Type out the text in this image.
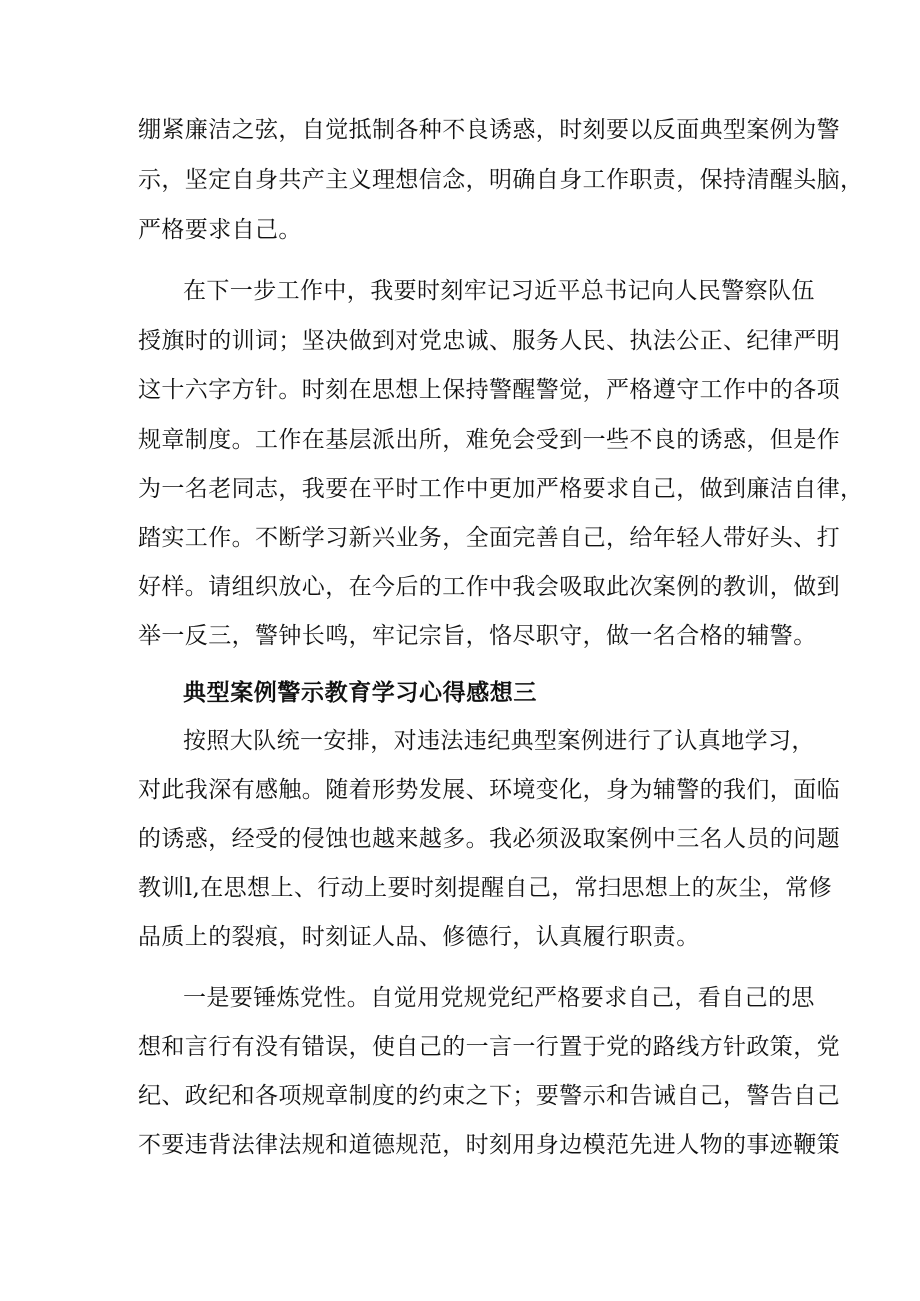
绷紧廉洁之弦，自觉抵制各种不良诱惑，时刻要以反面典型案例为警
示，坚定自身共产主义理想信念，明确自身工作职责，保持清醒头脑，
严格要求自己。
在下一步工作中，我要时刻牢记习近平总书记向人民警察队伍
授旗时的训词；坚决做到对党忠诚、服务人民、执法公正、纪律严明
这十六字方针。时刻在思想上保持警醒警觉，严格遵守工作中的各项
规章制度。工作在基层派出所，难免会受到一些不良的诱惑，但是作
为一名老同志，我要在平时工作中更加严格要求自己，做到廉洁自律，
踏实工作。不断学习新兴业务，全面完善自己，给年轻人带好头、打
好样。请组织放心，在今后的工作中我会吸取此次案例的教训，做到
举一反三，警钟长鸣，牢记宗旨，恪尽职守，做一名合格的辅警。
典型案例警示教育学习心得感想三
按照大队统一安排，对违法违纪典型案例进行了认真地学习，
对此我深有感触。随着形势发展、环境变化，身为辅警的我们，面临
的诱惑，经受的侵蚀也越来越多。我必须汲取案例中三名人员的问题
教训l,在思想上、行动上要时刻提醒自己，常扫思想上的灰尘，常修
品质上的裂痕，时刻证人品、修德行，认真履行职责。
一是要锤炼党性。自觉用党规党纪严格要求自己，看自己的思
想和言行有没有错误，使自己的一言一行置于党的路线方针政策，党
纪、政纪和各项规章制度的约束之下；要警示和告诫自己，警告自己
不要违背法律法规和道德规范，时刻用身边模范先进人物的事迹鞭策
